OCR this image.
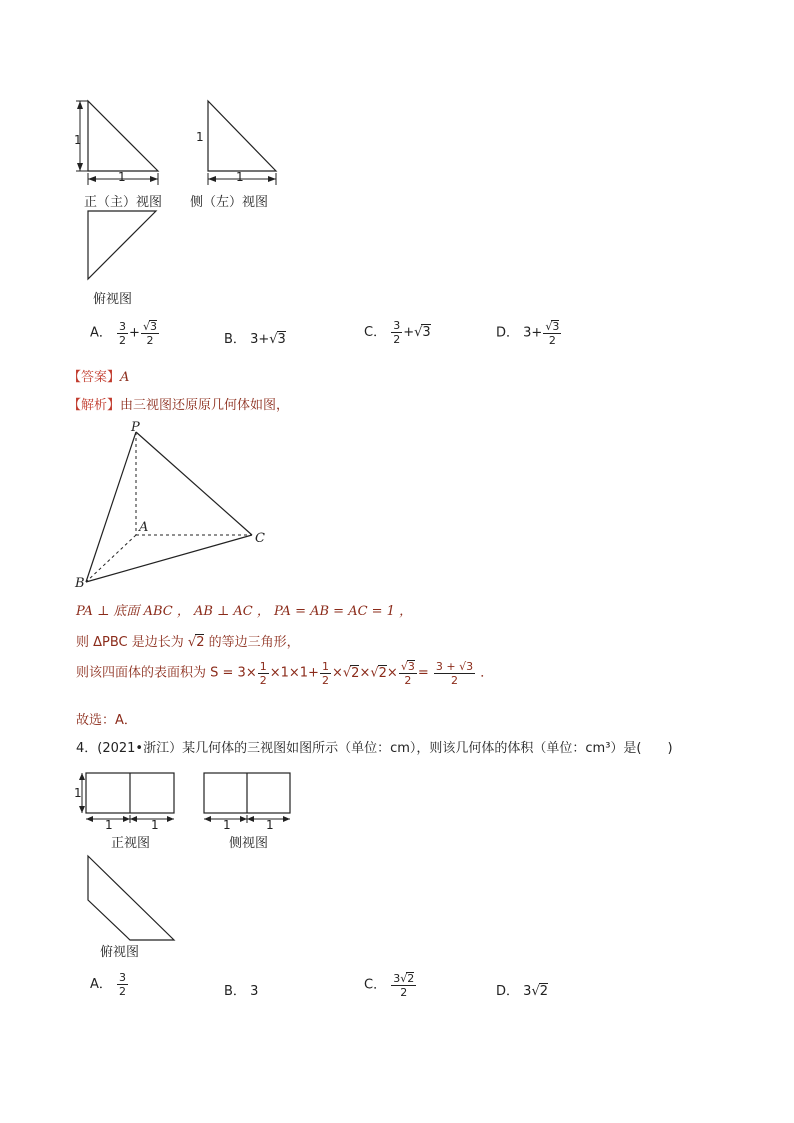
1
1
正（主）视图
1
1
侧（左）视图
俯视图
A． $\frac{3}{2} + \frac{√3}{2}$	B． 3+√3	C． $\frac{3}{2} +√3$	D． $3+ \frac{√3}{2}$
【答案】A
【解析】由三视图还原原几何体如图，
P
A
B
C
PA ⊥ 底面 ABC ， AB ⊥ AC ， PA = AB = AC = 1 ，
则 ΔPBC 是边长为 √2 的等边三角形，
则该四面体的表面积为 $S = 3\times \frac{1}{2} \times 1\times 1+ \frac{1}{2} \times√2\times√2\times \frac{√3}{2} = \frac{3 + √3}{2}$ ．
故选：A．
4．(2021•浙江）某几何体的三视图如图所示（单位：cm），则该几何体的体积（单位：cm³）是(　　)
1
1	1
正视图
1	1
侧视图
俯视图
A． $\frac{3}{2}$	B． 3	C． $\frac{3√2}{2}$	D． 3√2
